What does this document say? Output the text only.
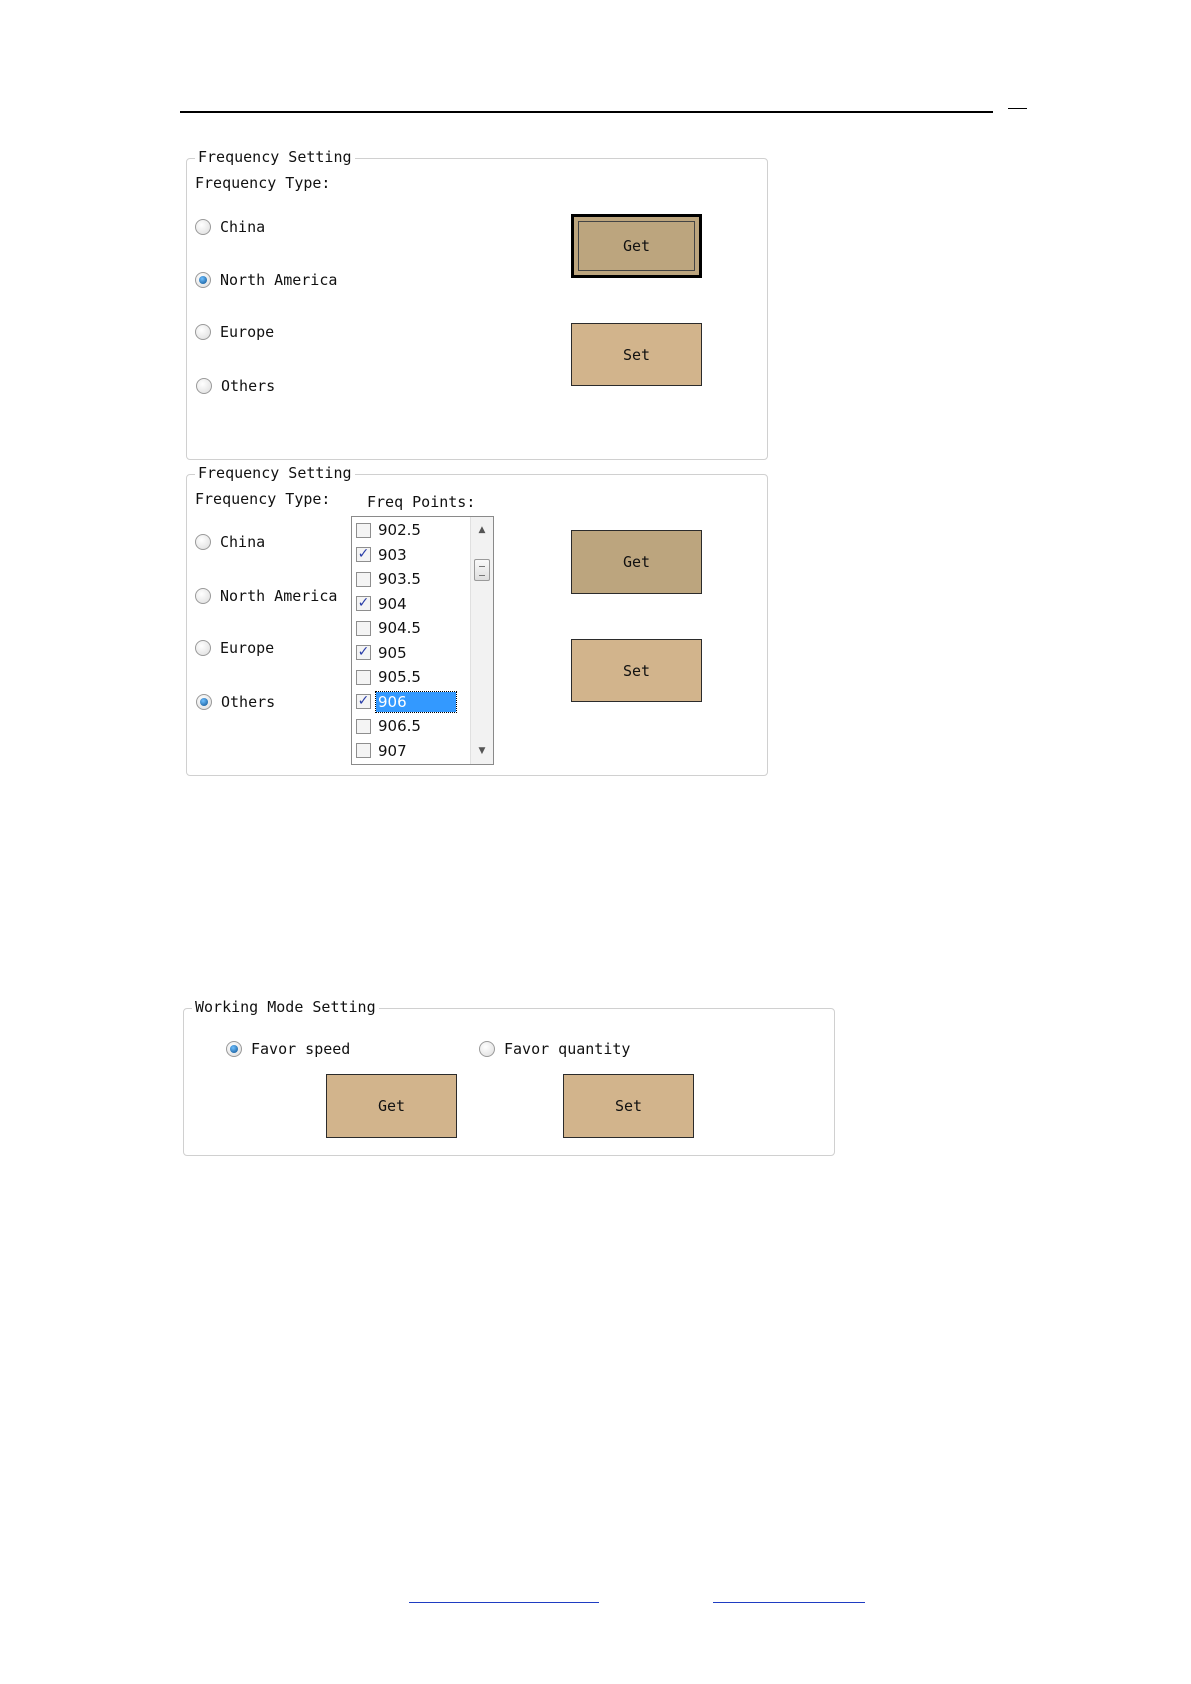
Frequency Setting
Frequency Type:
China
North America
Europe
Others
Get
Set
Frequency Setting
Frequency Type: Freq Points:
China
North America
Europe
Others
902.5
✓ 903
903.5
✓ 904
904.5
✓ 905
905.5
✓ 906
906.5
907
▲
▼
Get
Set
Working Mode Setting
Favor speed	Favor quantity
Get	Set
